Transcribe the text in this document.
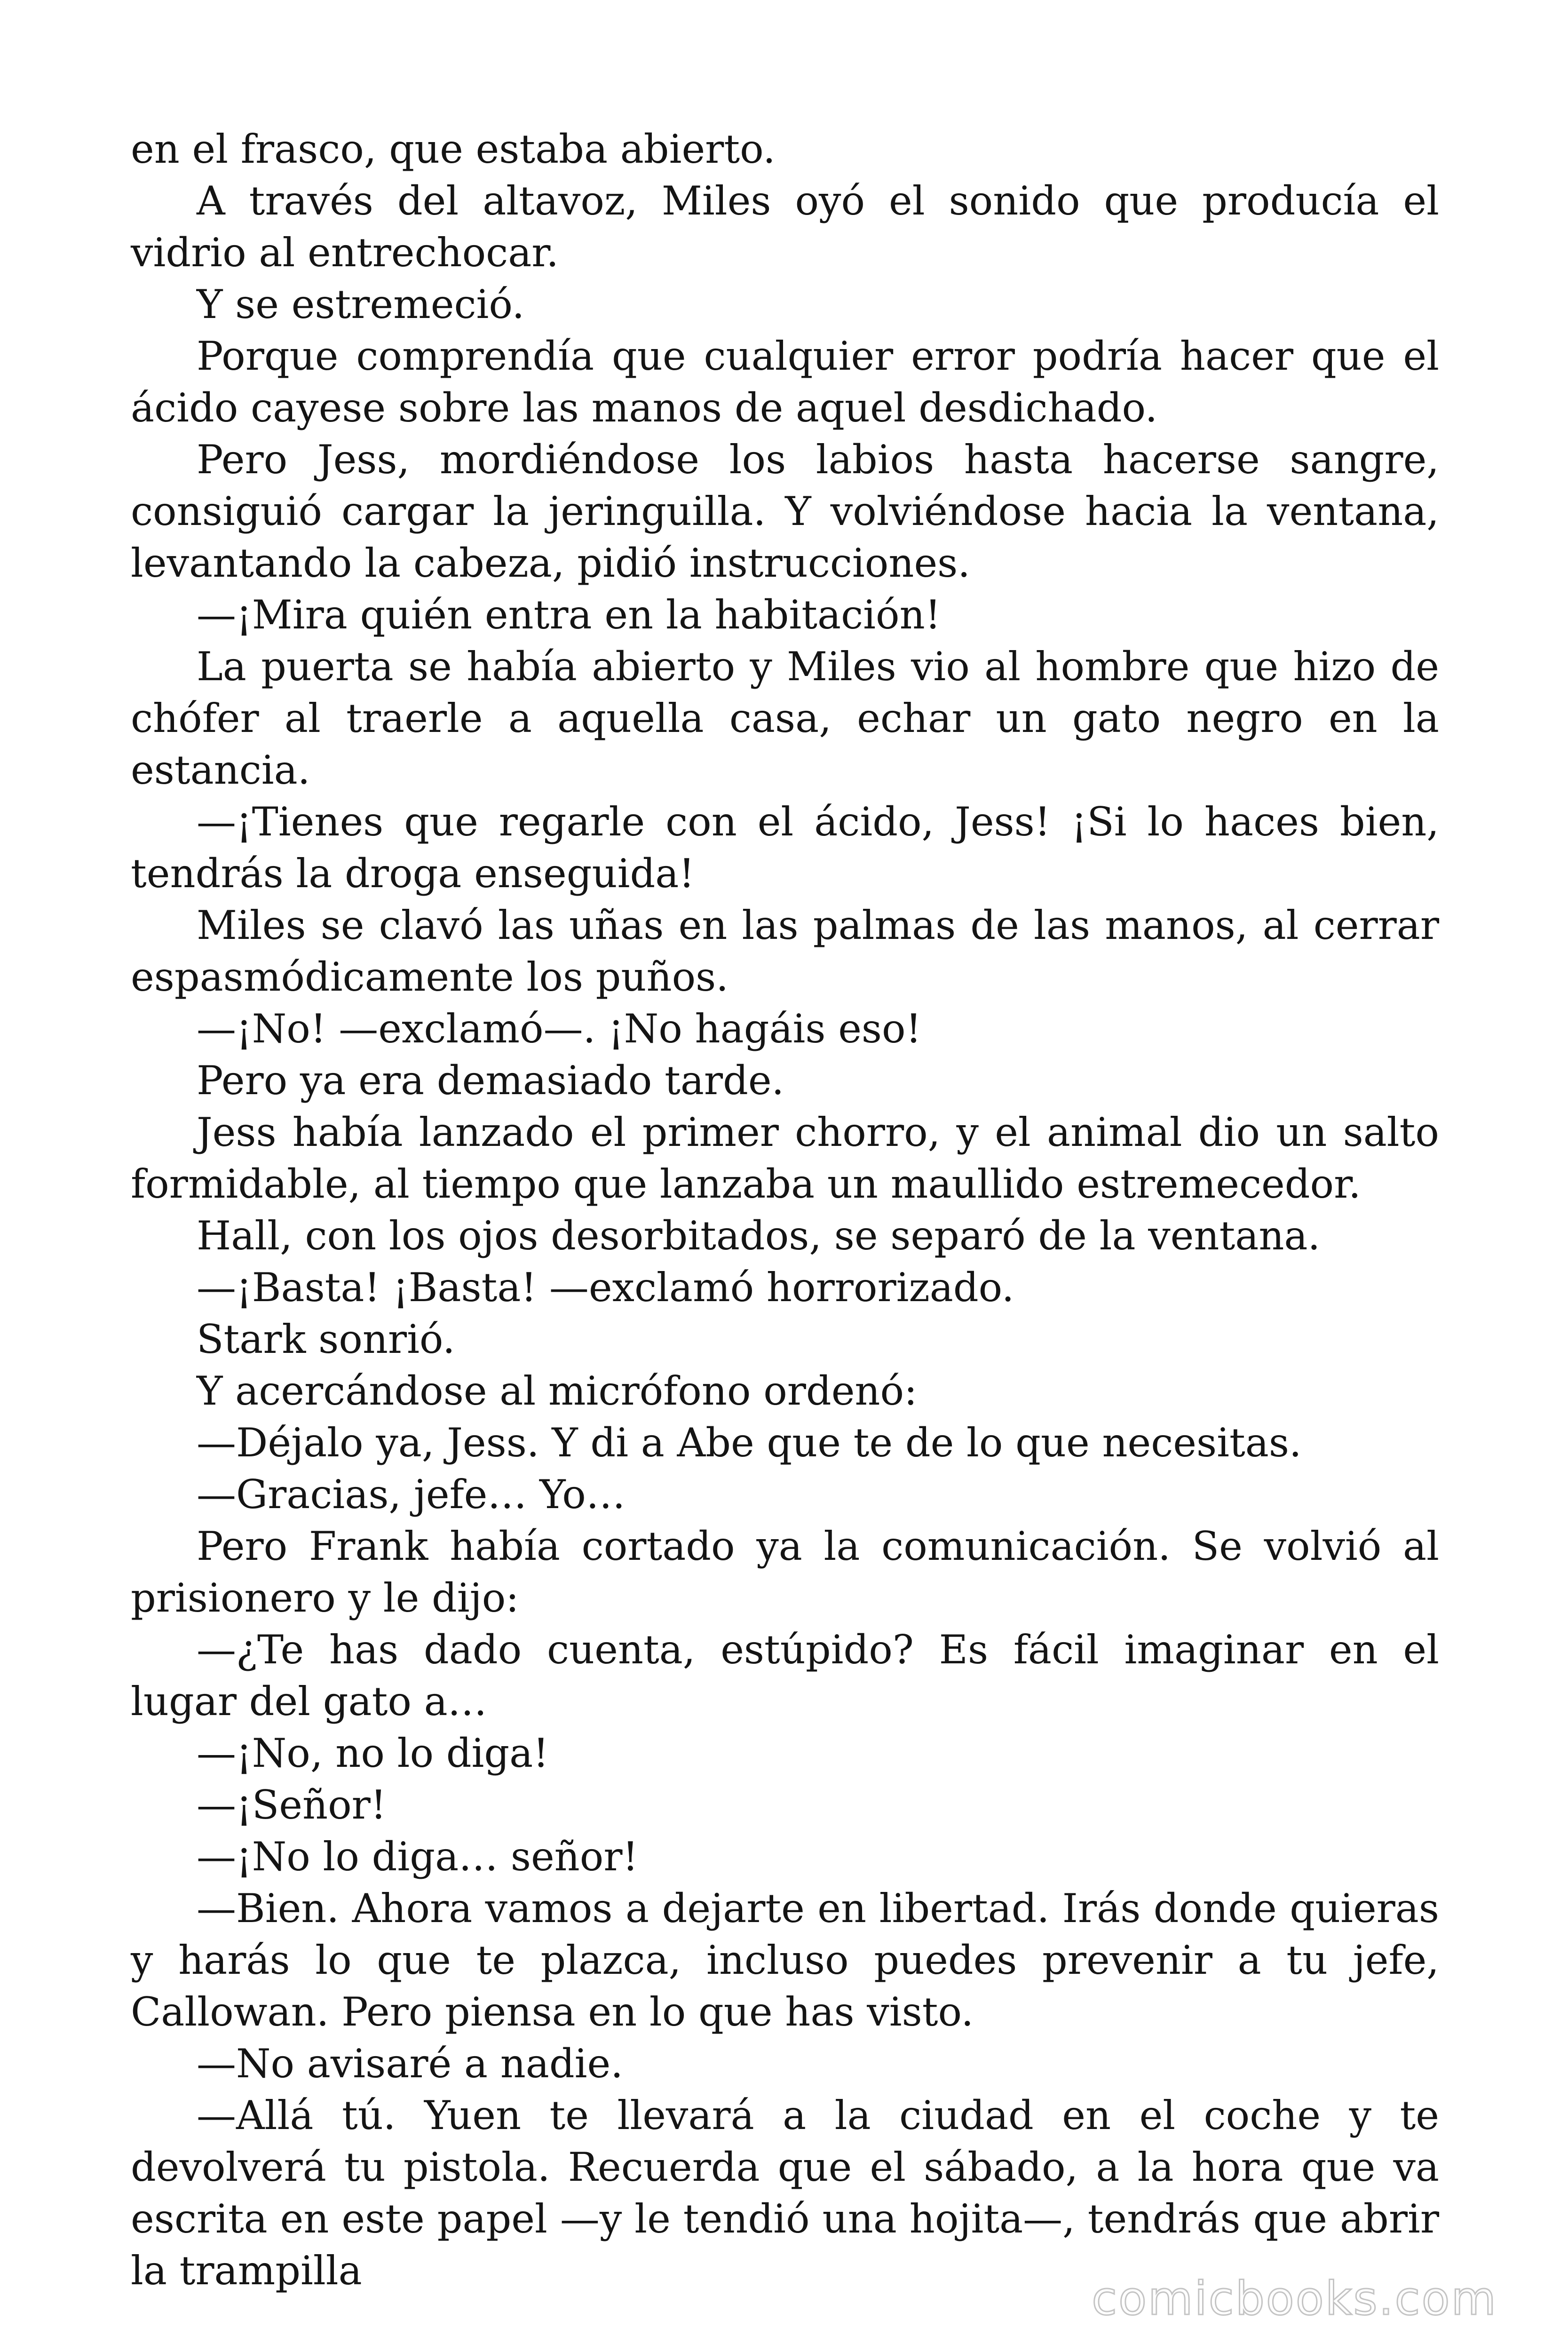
en el frasco, que estaba abierto.

A través del altavoz, Miles oyó el sonido que producía el vidrio al entrechocar.

Y se estremeció.

Porque comprendía que cualquier error podría hacer que el ácido cayese sobre las manos de aquel desdichado.

Pero Jess, mordiéndose los labios hasta hacerse sangre, consiguió cargar la jeringuilla. Y volviéndose hacia la ventana, levantando la cabeza, pidió instrucciones.

—¡Mira quién entra en la habitación!

La puerta se había abierto y Miles vio al hombre que hizo de chófer al traerle a aquella casa, echar un gato negro en la estancia.

—¡Tienes que regarle con el ácido, Jess! ¡Si lo haces bien, tendrás la droga enseguida!

Miles se clavó las uñas en las palmas de las manos, al cerrar espasmódicamente los puños.

—¡No! —exclamó—. ¡No hagáis eso!

Pero ya era demasiado tarde.

Jess había lanzado el primer chorro, y el animal dio un salto formidable, al tiempo que lanzaba un maullido estremecedor.

Hall, con los ojos desorbitados, se separó de la ventana.

—¡Basta! ¡Basta! —exclamó horrorizado.

Stark sonrió.

Y acercándose al micrófono ordenó:

—Déjalo ya, Jess. Y di a Abe que te de lo que necesitas.

—Gracias, jefe… Yo…

Pero Frank había cortado ya la comunicación. Se volvió al prisionero y le dijo:

—¿Te has dado cuenta, estúpido? Es fácil imaginar en el lugar del gato a…

—¡No, no lo diga!

—¡Señor!

—¡No lo diga… señor!

—Bien. Ahora vamos a dejarte en libertad. Irás donde quieras y harás lo que te plazca, incluso puedes prevenir a tu jefe, Callowan. Pero piensa en lo que has visto.

—No avisaré a nadie.

—Allá tú. Yuen te llevará a la ciudad en el coche y te devolverá tu pistola. Recuerda que el sábado, a la hora que va escrita en este papel —y le tendió una hojita—, tendrás que abrir la trampilla

comicbooks.com
